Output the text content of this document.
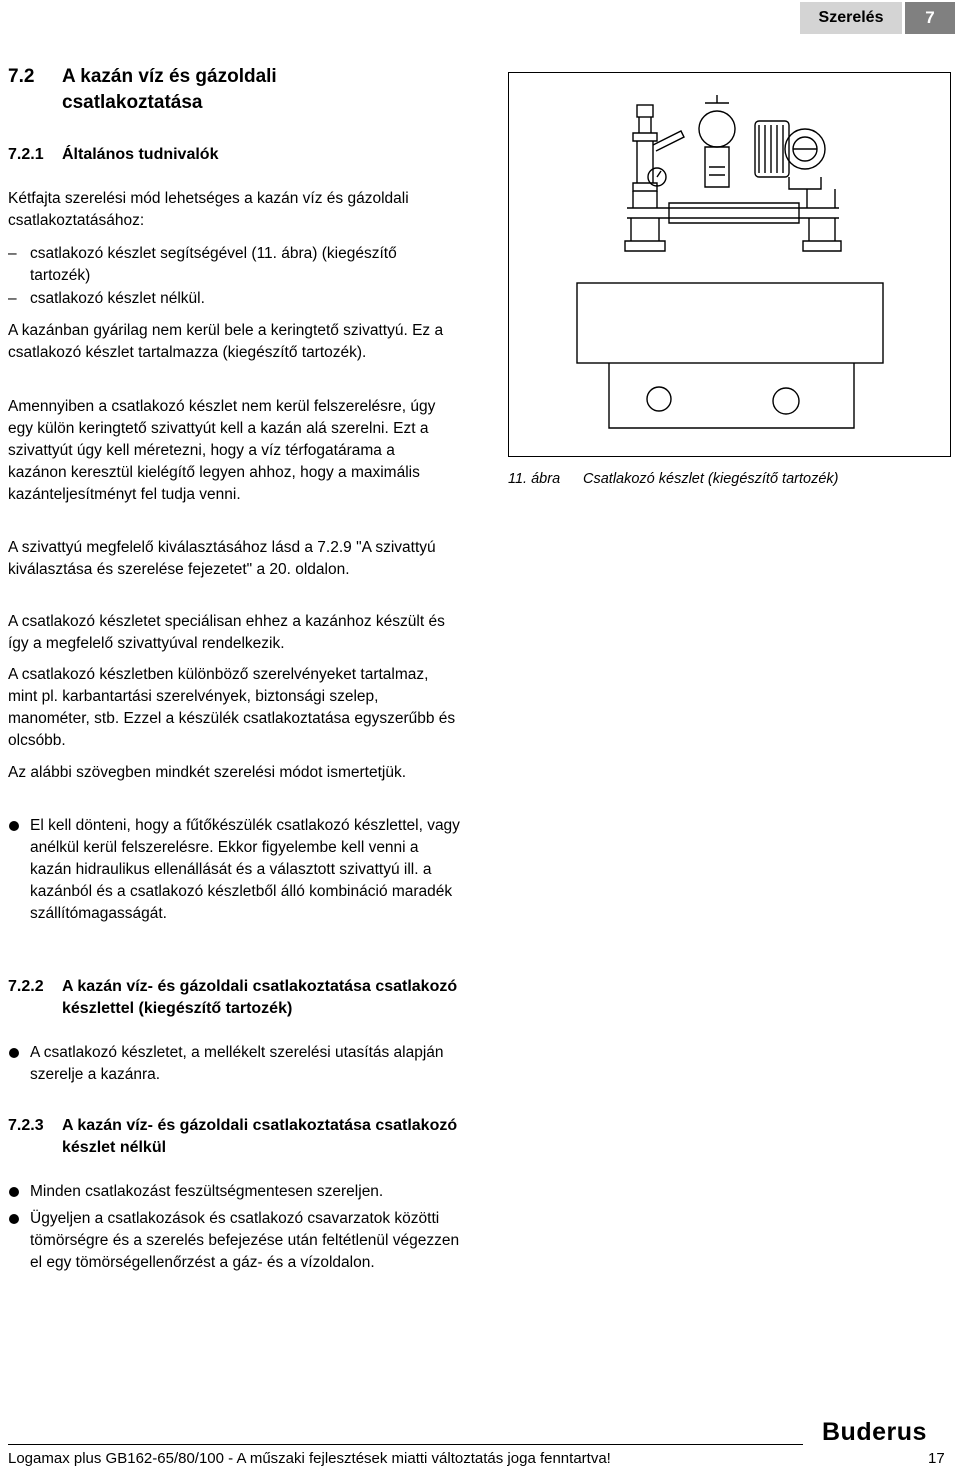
Szerelés	7
7.2 A kazán víz és gázoldali csatlakoztatása
7.2.1 Általános tudnivalók
Kétfajta szerelési mód lehetséges a kazán víz és gázoldali csatlakoztatásához:
– csatlakozó készlet segítségével (11. ábra) (kiegészítő tartozék)
– csatlakozó készlet nélkül.
A kazánban gyárilag nem kerül bele a keringtető szivattyú. Ez a csatlakozó készlet tartalmazza (kiegészítő tartozék).
Amennyiben a csatlakozó készlet nem kerül felszerelésre, úgy egy külön keringtető szivattyút kell a kazán alá szerelni. Ezt a szivattyút úgy kell méretezni, hogy a víz térfogatárama a kazánon keresztül kielégítő legyen ahhoz, hogy a maximális kazánteljesítményt fel tudja venni.
A szivattyú megfelelő kiválasztásához lásd a 7.2.9 "A szivattyú kiválasztása és szerelése fejezetet" a 20. oldalon.
A csatlakozó készletet speciálisan ehhez a kazánhoz készült és így a megfelelő szivattyúval rendelkezik.
A csatlakozó készletben különböző szerelvényeket tartalmaz, mint pl. karbantartási szerelvények, biztonsági szelep, manométer, stb. Ezzel a készülék csatlakoztatása egyszerűbb és olcsóbb.
Az alábbi szövegben mindkét szerelési módot ismertetjük.
El kell dönteni, hogy a fűtőkészülék csatlakozó készlettel, vagy anélkül kerül felszerelésre. Ekkor figyelembe kell venni a kazán hidraulikus ellenállását és a választott szivattyú ill. a kazánból és a csatlakozó készletből álló kombináció maradék szállítómagasságát.
7.2.2 A kazán víz- és gázoldali csatlakoztatása csatlakozó készlettel (kiegészítő tartozék)
A csatlakozó készletet, a mellékelt szerelési utasítás alapján szerelje a kazánra.
7.2.3 A kazán víz- és gázoldali csatlakoztatása csatlakozó készlet nélkül
Minden csatlakozást feszültségmentesen szereljen.
Ügyeljen a csatlakozások és csatlakozó csavarzatok közötti tömörségre és a szerelés befejezése után feltétlenül végezzen el egy tömörségellenőrzést a gáz- és a vízoldalon.
11. ábra Csatlakozó készlet (kiegészítő tartozék)
Buderus
Logamax plus GB162-65/80/100 - A műszaki fejlesztések miatti változtatás joga fenntartva!	17
